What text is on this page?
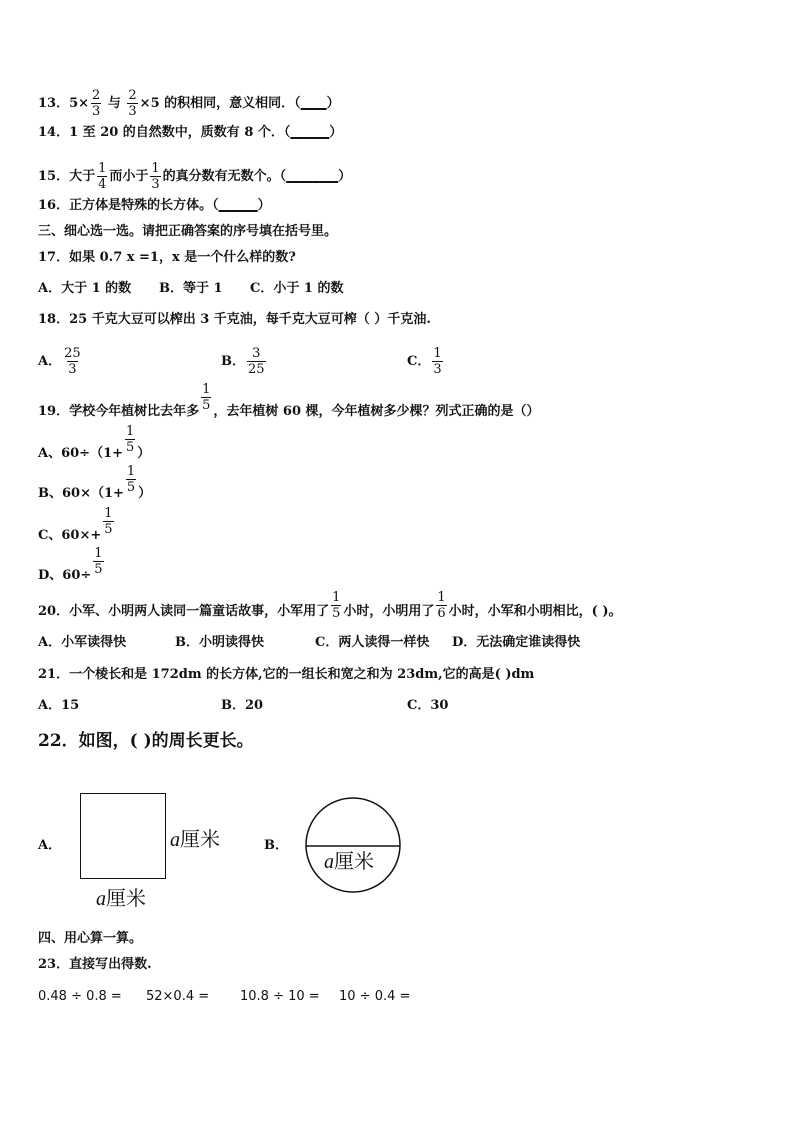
13．$5\times \frac{2}{3}$ 与 $\frac{2}{3} \times 5$ 的积相同，意义相同．（____）
14．1 至 20 的自然数中，质数有 8 个．（______）
15．大于 $\frac{1}{4}$ 而小于 $\frac{1}{3}$ 的真分数有无数个。（________）
16．正方体是特殊的长方体。（______）
三、细心选一选。请把正确答案的序号填在括号里。
17．如果 0.7 x =1，x 是一个什么样的数?
A．大于 1 的数 B．等于 1 C．小于 1 的数
18．25 千克大豆可以榨出 3 千克油，每千克大豆可榨（ ）千克油.
A． $\frac{25}{3}$	B． $\frac{3}{25}$	C． $\frac{1}{3}$
19．学校今年植树比去年多 $\frac{1}{5}$ ，去年植树 60 棵，今年植树多少棵？列式正确的是（）
A、$60\div(1+ \frac{1}{5}$ ）
B、$60\times(1+ \frac{1}{5}$ ）
C、$60\times+ \frac{1}{5}$
D、$60\div \frac{1}{5}$
20．小军、小明两人读同一篇童话故事，小军用了 $\frac{1}{5}$ 小时，小明用了 $\frac{1}{6}$ 小时，小军和小明相比，( )。
A．小军读得快	B．小明读得快	C．两人读得一样快 D．无法确定谁读得快
21．一个棱长和是 172dm 的长方体,它的一组长和宽之和为 23dm,它的高是( )dm
A．15	B．20	C．30
22．如图，( )的周长更长。
A．	a厘米
a厘米
B．
a厘米
四、用心算一算。
23．直接写出得数.
0.48 ÷ 0.8 = 52×0.4 = 10.8 ÷ 10 = 10 ÷ 0.4 =
